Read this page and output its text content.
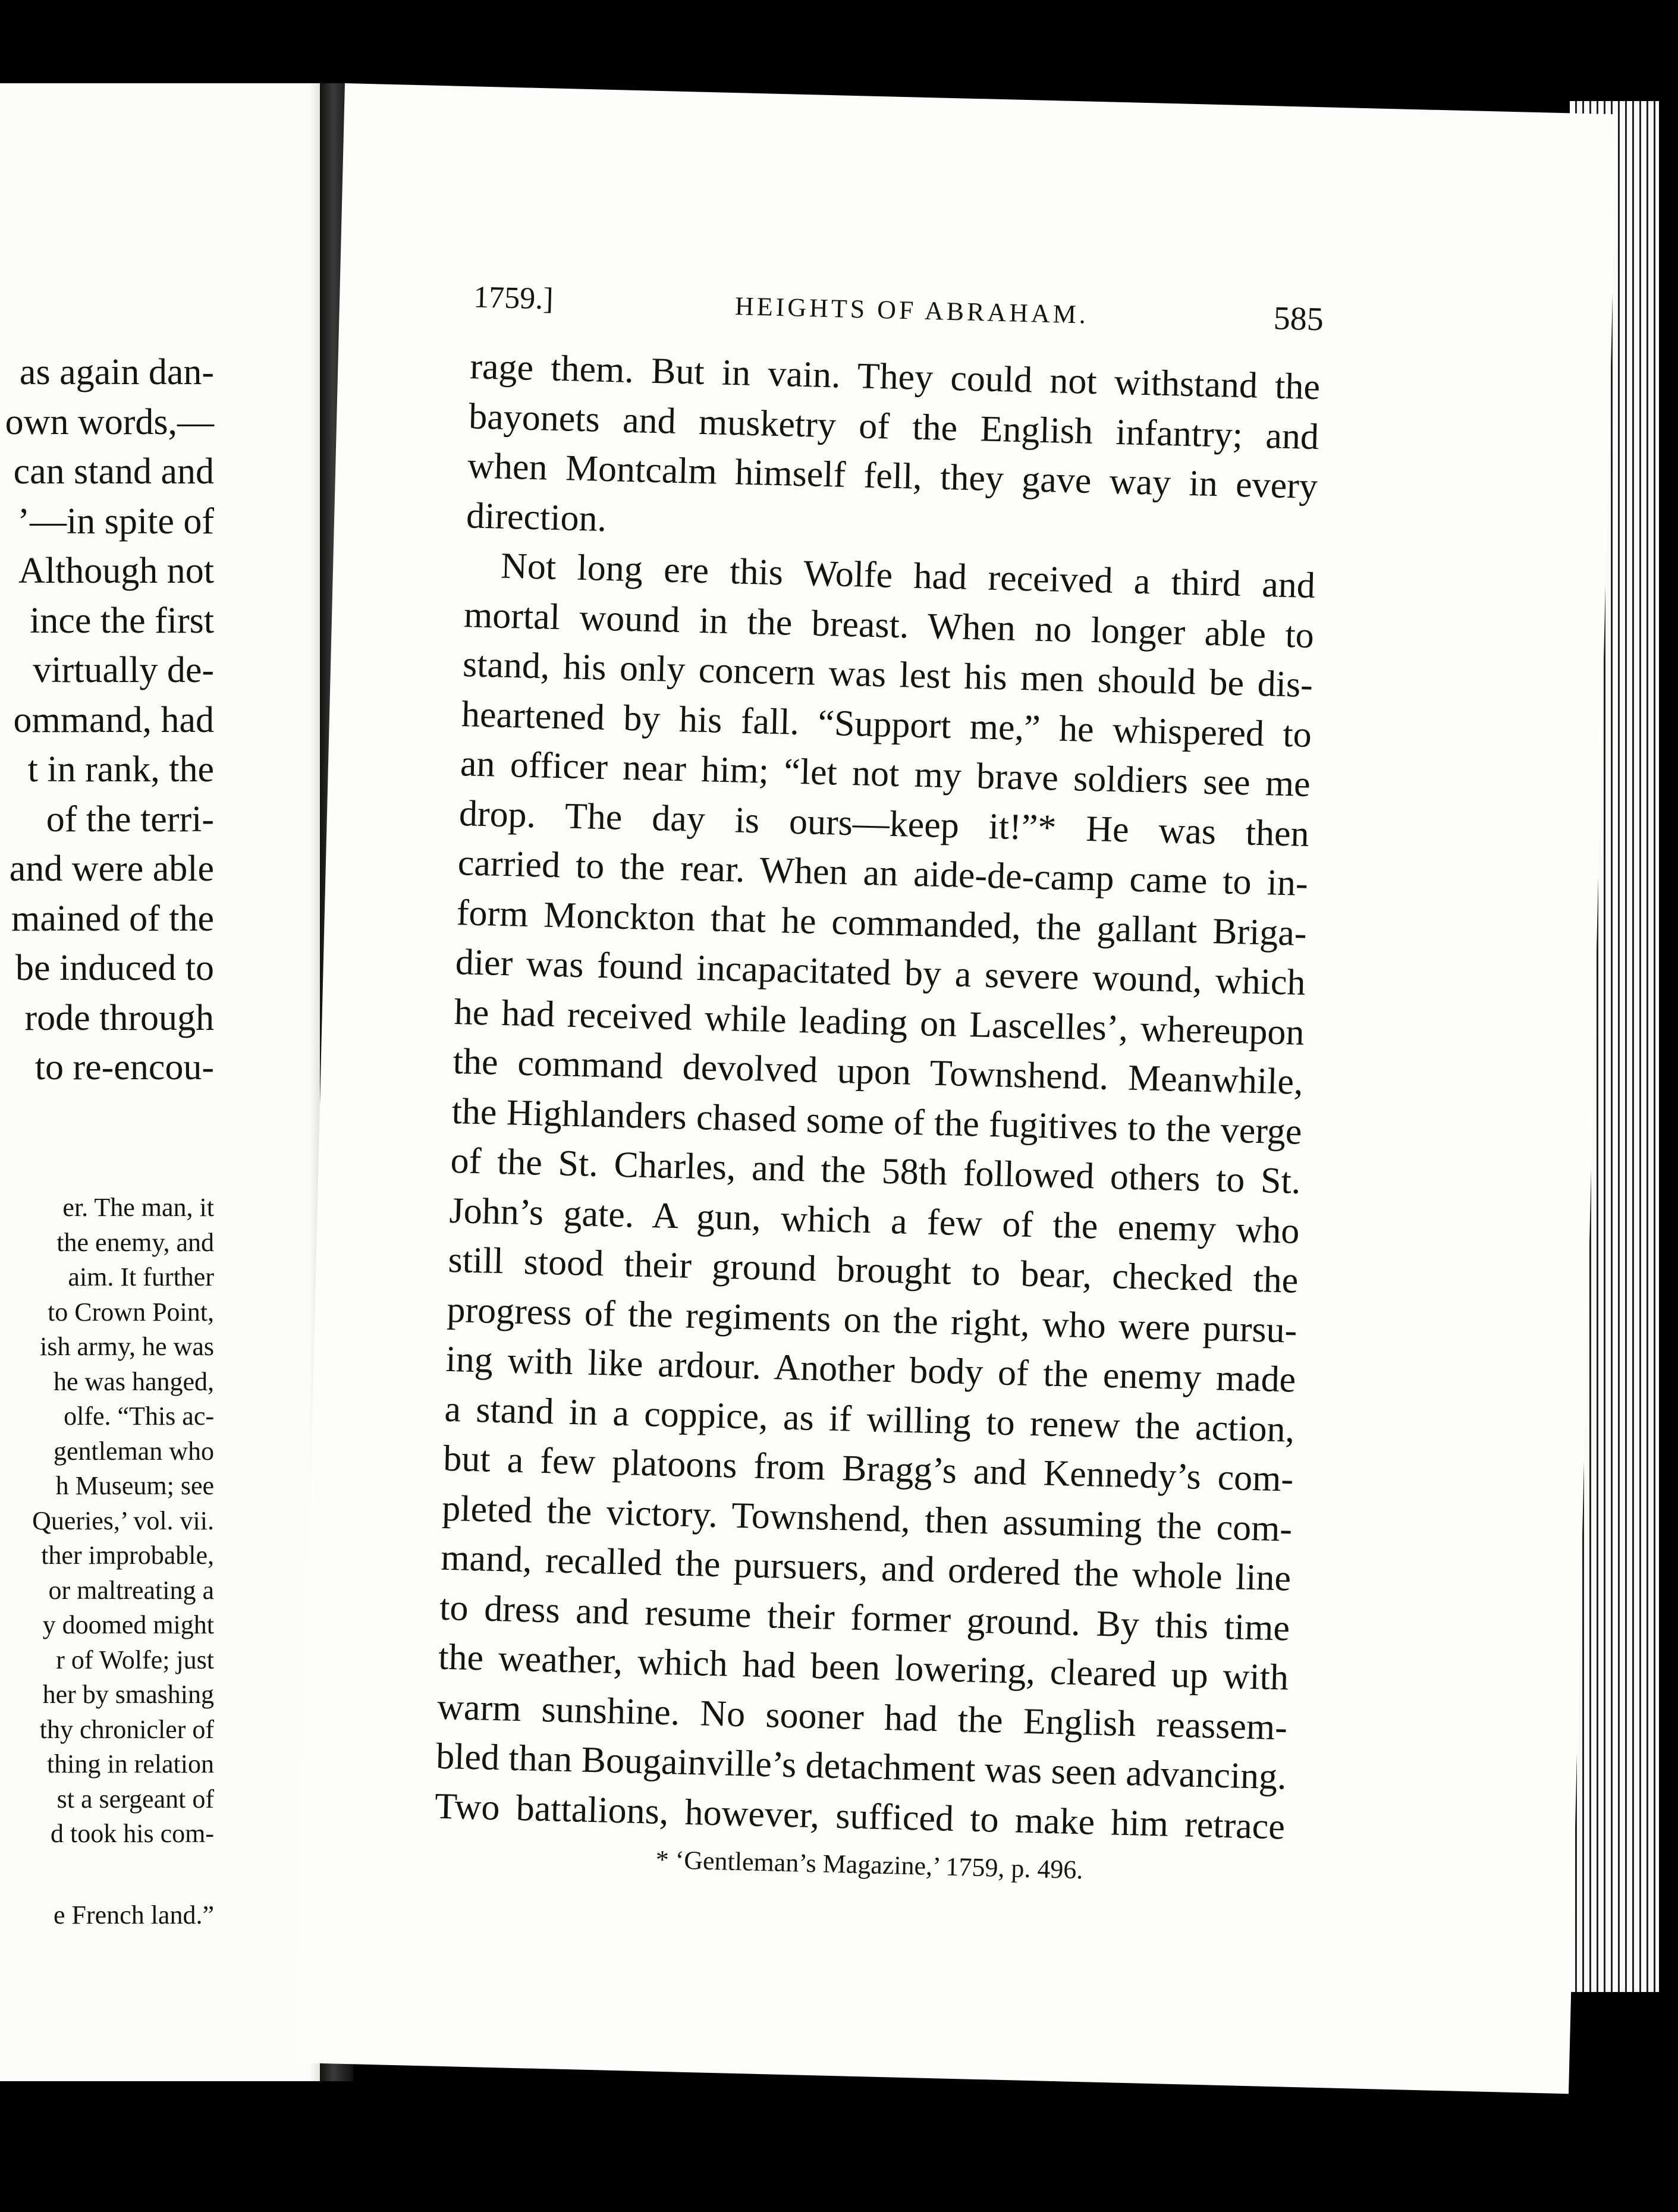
as again dan-
own words,—
can stand and
’—in spite of
Although not
ince the first
virtually de-
ommand, had
t in rank, the
of the terri-
and were able
mained of the
be induced to
rode through
to re-encou-
er. The man, it
the enemy, and
aim. It further
to Crown Point,
ish army, he was
he was hanged,
olfe. “This ac-
gentleman who
h Museum; see
Queries,’ vol. vii.
ther improbable,
or maltreating a
y doomed might
r of Wolfe; just
her by smashing
thy chronicler of
thing in relation
st a sergeant of
d took his com-
e French land.”
1759.]	HEIGHTS OF ABRAHAM.	585
rage them. But in vain. They could not withstand the
bayonets and musketry of the English infantry; and
when Montcalm himself fell, they gave way in every
direction.
Not long ere this Wolfe had received a third and
mortal wound in the breast. When no longer able to
stand, his only concern was lest his men should be dis-
heartened by his fall. “Support me,” he whispered to
an officer near him; “let not my brave soldiers see me
drop. The day is ours—keep it!”* He was then
carried to the rear. When an aide-de-camp came to in-
form Monckton that he commanded, the gallant Briga-
dier was found incapacitated by a severe wound, which
he had received while leading on Lascelles’, whereupon
the command devolved upon Townshend. Meanwhile,
the Highlanders chased some of the fugitives to the verge
of the St. Charles, and the 58th followed others to St.
John’s gate. A gun, which a few of the enemy who
still stood their ground brought to bear, checked the
progress of the regiments on the right, who were pursu-
ing with like ardour. Another body of the enemy made
a stand in a coppice, as if willing to renew the action,
but a few platoons from Bragg’s and Kennedy’s com-
pleted the victory. Townshend, then assuming the com-
mand, recalled the pursuers, and ordered the whole line
to dress and resume their former ground. By this time
the weather, which had been lowering, cleared up with
warm sunshine. No sooner had the English reassem-
bled than Bougainville’s detachment was seen advancing.
Two battalions, however, sufficed to make him retrace
* ‘Gentleman’s Magazine,’ 1759, p. 496.
